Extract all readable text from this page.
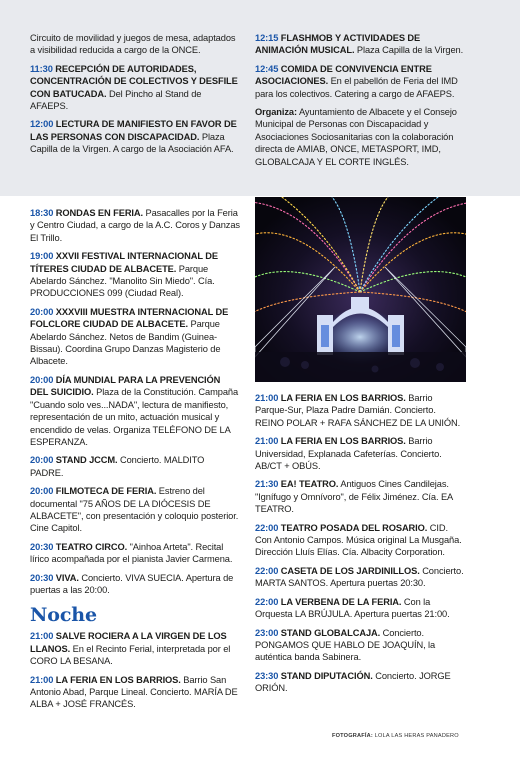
Circuito de movilidad y juegos de mesa, adaptados a visibilidad reducida a cargo de la ONCE.

11:30 RECEPCIÓN DE AUTORIDADES, CONCENTRACIÓN DE COLECTIVOS Y DESFILE CON BATUCADA. Del Pincho al Stand de AFAEPS.

12:00 LECTURA DE MANIFIESTO EN FAVOR DE LAS PERSONAS CON DISCAPACIDAD. Plaza Capilla de la Virgen. A cargo de la Asociación AFA.

12:15 FLASHMOB Y ACTIVIDADES DE ANIMACIÓN MUSICAL. Plaza Capilla de la Virgen.

12:45 COMIDA DE CONVIVENCIA ENTRE ASOCIACIONES. En el pabellón de Feria del IMD para los colectivos. Catering a cargo de AFAEPS.

Organiza: Ayuntamiento de Albacete y el Consejo Municipal de Personas con Discapacidad y Asociaciones Sociosanitarias con la colaboración directa de AMIAB, ONCE, METASPORT, IMD, GLOBALCAJA Y EL CORTE INGLÉS.

18:30 RONDAS EN FERIA. Pasacalles por la Feria y Centro Ciudad, a cargo de la A.C. Coros y Danzas El Trillo.

19:00 XXVII FESTIVAL INTERNACIONAL DE TÍTERES CIUDAD DE ALBACETE. Parque Abelardo Sánchez. "Manolito Sin Miedo". Cía. PRODUCCIONES 099 (Ciudad Real).

20:00 XXXVIII MUESTRA INTERNACIONAL DE FOLCLORE CIUDAD DE ALBACETE. Parque Abelardo Sánchez. Netos de Bandim (Guinea-Bissau). Coordina Grupo Danzas Magisterio de Albacete.

20:00 DÍA MUNDIAL PARA LA PREVENCIÓN DEL SUICIDIO. Plaza de la Constitución. Campaña "Cuando solo ves...NADA", lectura de manifiesto, representación de un mito, actuación musical y encendido de velas. Organiza TELÉFONO DE LA ESPERANZA.

20:00 STAND JCCM. Concierto. MALDITO PADRE.

20:00 FILMOTECA DE FERIA. Estreno del documental "75 AÑOS DE LA DIÓCESIS DE ALBACETE", con presentación y coloquio posterior. Cine Capitol.

20:30 TEATRO CIRCO. "Ainhoa Arteta". Recital lírico acompañada por el pianista Javier Carmena.

20:30 VIVA. Concierto. VIVA SUECIA. Apertura de puertas a las 20:00.

Noche

21:00 SALVE ROCIERA A LA VIRGEN DE LOS LLANOS. En el Recinto Ferial, interpretada por el CORO LA BESANA.

21:00 LA FERIA EN LOS BARRIOS. Barrio San Antonio Abad, Parque Lineal. Concierto. MARÍA DE ALBA + JOSÉ FRANCÉS.

21:00 LA FERIA EN LOS BARRIOS. Barrio Parque-Sur, Plaza Padre Damián. Concierto. REINO POLAR + RAFA SÁNCHEZ DE LA UNIÓN.

21:00 LA FERIA EN LOS BARRIOS. Barrio Universidad, Explanada Cafeterías. Concierto. AB/CT + OBÚS.

21:30 EA! TEATRO. Antiguos Cines Candilejas. "Ignífugo y Omnívoro", de Félix Jiménez. Cía. EA TEATRO.

22:00 TEATRO POSADA DEL ROSARIO. CID. Con Antonio Campos. Música original La Musgaña. Dirección Lluís Elías. Cía. Albacity Corporation.

22:00 CASETA DE LOS JARDINILLOS. Concierto. MARTA SANTOS. Apertura puertas 20:30.

22:00 LA VERBENA DE LA FERIA. Con la Orquesta LA BRÚJULA. Apertura puertas 21:00.

23:00 STAND GLOBALCAJA. Concierto. PONGAMOS QUE HABLO DE JOAQUÍN, la auténtica banda Sabinera.

23:30 STAND DIPUTACIÓN. Concierto. JORGE ORIÓN.

FOTOGRAFÍA: LOLA LAS HERAS PANADERO
